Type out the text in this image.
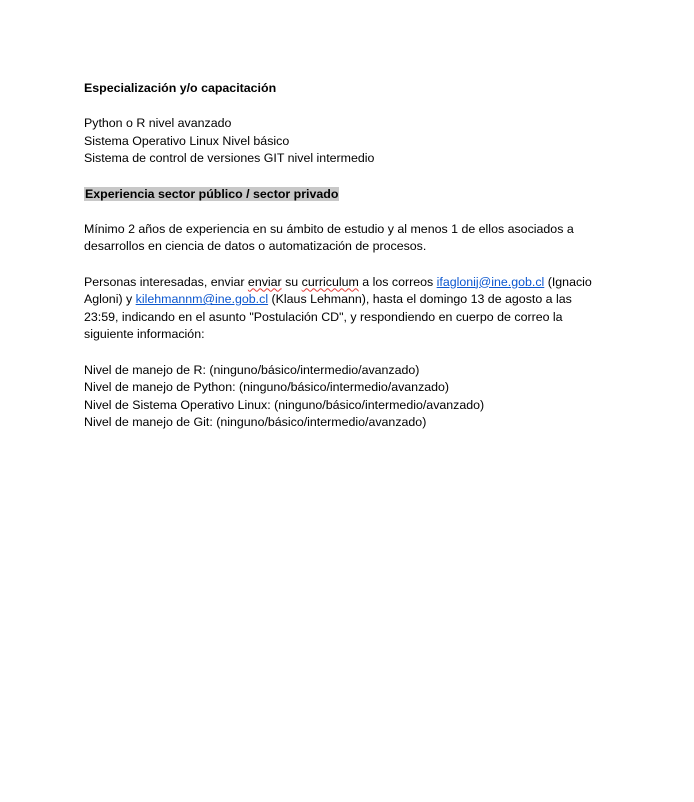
Especialización y/o capacitación

Python o R nivel avanzado
Sistema Operativo Linux Nivel básico
Sistema de control de versiones GIT nivel intermedio

Experiencia sector público / sector privado

Mínimo 2 años de experiencia en su ámbito de estudio y al menos 1 de ellos asociados a desarrollos en ciencia de datos o automatización de procesos.

Personas interesadas, enviar enviar su curriculum a los correos ifaglonij@ine.gob.cl (Ignacio Agloni) y kilehmannm@ine.gob.cl (Klaus Lehmann), hasta el domingo 13 de agosto a las 23:59, indicando en el asunto "Postulación CD", y respondiendo en cuerpo de correo la siguiente información:

Nivel de manejo de R: (ninguno/básico/intermedio/avanzado)
Nivel de manejo de Python: (ninguno/básico/intermedio/avanzado)
Nivel de Sistema Operativo Linux: (ninguno/básico/intermedio/avanzado)
Nivel de manejo de Git: (ninguno/básico/intermedio/avanzado)
